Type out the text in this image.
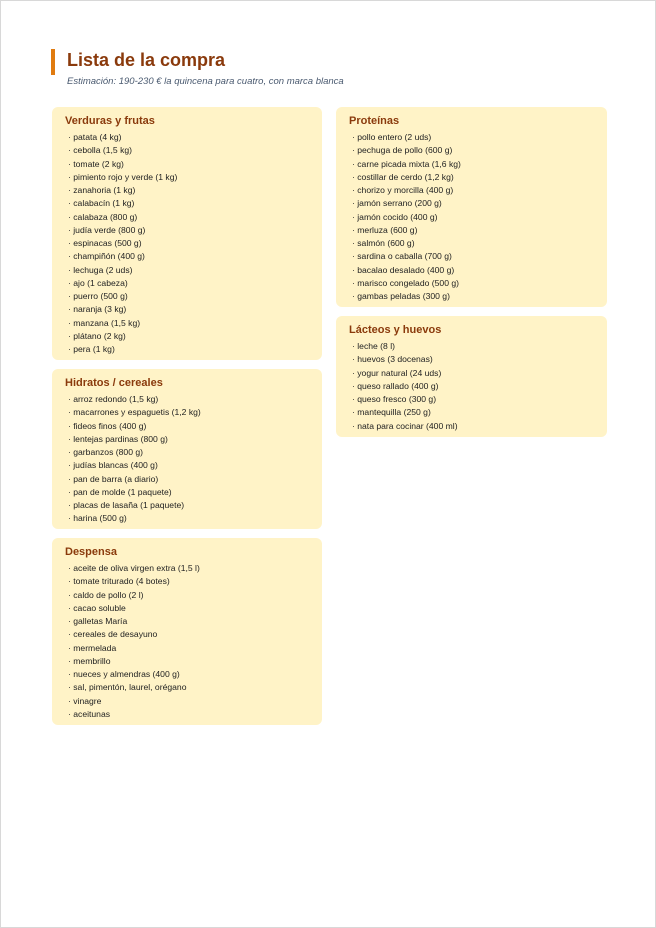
Lista de la compra
Estimación: 190-230 € la quincena para cuatro, con marca blanca
Verduras y frutas
· patata (4 kg)
· cebolla (1,5 kg)
· tomate (2 kg)
· pimiento rojo y verde (1 kg)
· zanahoria (1 kg)
· calabacín (1 kg)
· calabaza (800 g)
· judía verde (800 g)
· espinacas (500 g)
· champiñón (400 g)
· lechuga (2 uds)
· ajo (1 cabeza)
· puerro (500 g)
· naranja (3 kg)
· manzana (1,5 kg)
· plátano (2 kg)
· pera (1 kg)
Hidratos / cereales
· arroz redondo (1,5 kg)
· macarrones y espaguetis (1,2 kg)
· fideos finos (400 g)
· lentejas pardinas (800 g)
· garbanzos (800 g)
· judías blancas (400 g)
· pan de barra (a diario)
· pan de molde (1 paquete)
· placas de lasaña (1 paquete)
· harina (500 g)
Despensa
· aceite de oliva virgen extra (1,5 l)
· tomate triturado (4 botes)
· caldo de pollo (2 l)
· cacao soluble
· galletas María
· cereales de desayuno
· mermelada
· membrillo
· nueces y almendras (400 g)
· sal, pimentón, laurel, orégano
· vinagre
· aceitunas
Proteínas
· pollo entero (2 uds)
· pechuga de pollo (600 g)
· carne picada mixta (1,6 kg)
· costillar de cerdo (1,2 kg)
· chorizo y morcilla (400 g)
· jamón serrano (200 g)
· jamón cocido (400 g)
· merluza (600 g)
· salmón (600 g)
· sardina o caballa (700 g)
· bacalao desalado (400 g)
· marisco congelado (500 g)
· gambas peladas (300 g)
Lácteos y huevos
· leche (8 l)
· huevos (3 docenas)
· yogur natural (24 uds)
· queso rallado (400 g)
· queso fresco (300 g)
· mantequilla (250 g)
· nata para cocinar (400 ml)
